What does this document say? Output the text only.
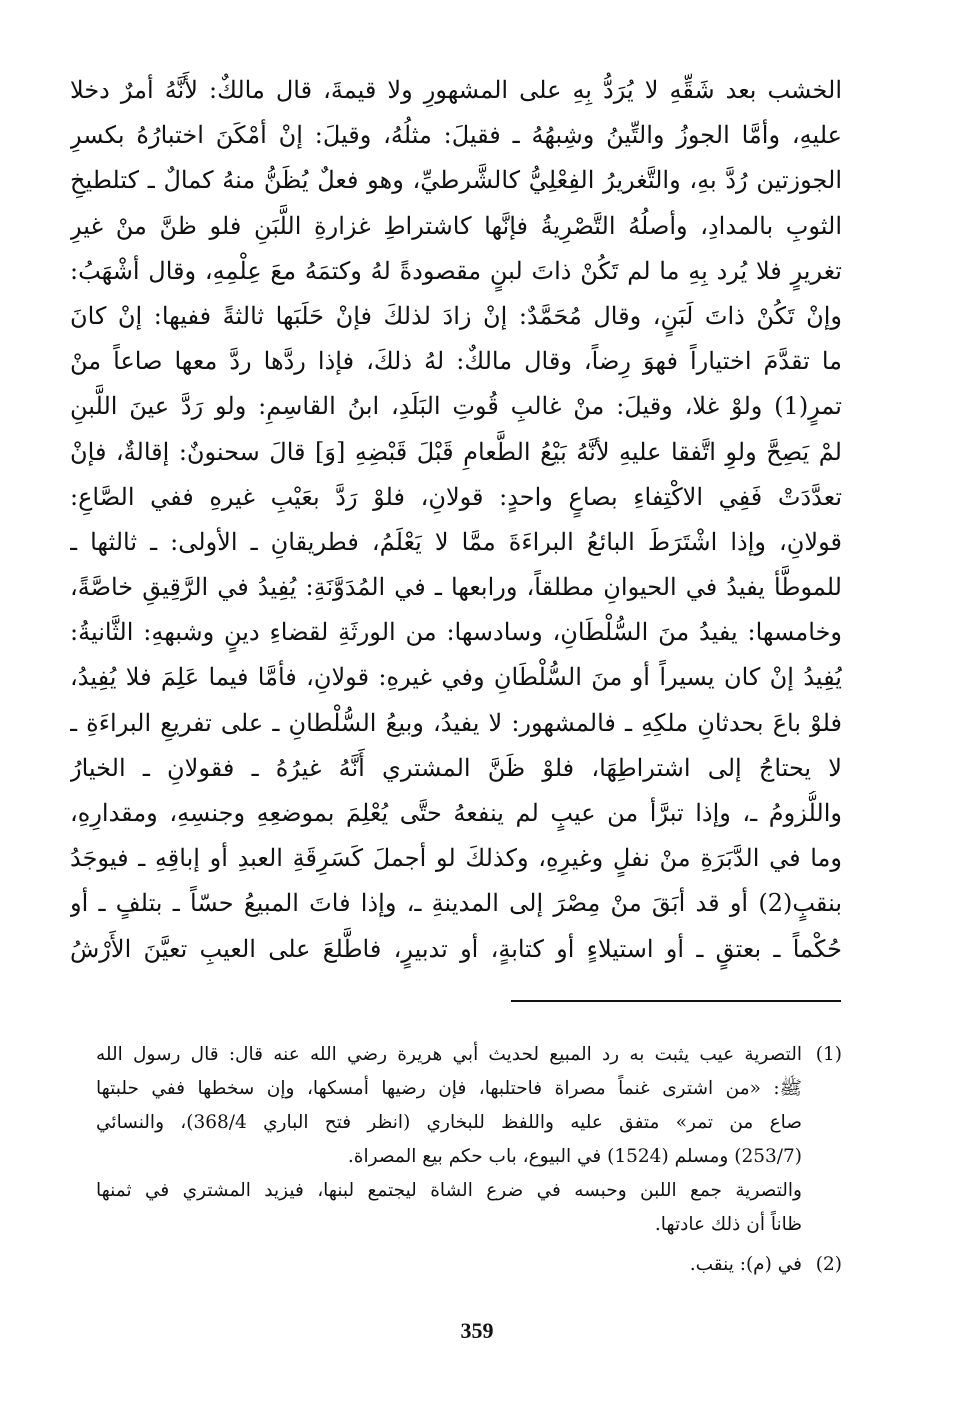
الخشب بعد شَقِّهِ لا يُرَدُّ بِهِ على المشهورِ ولا قيمةَ، قال مالكٌ: لأَنَّهُ أمرٌ دخلا
عليهِ، وأمَّا الجوزُ والتِّينُ وشِبهُهُ ـ فقيلَ: مثلُهُ، وقيلَ: إنْ أمْكَنَ اختبارُهُ بكسرِ
الجوزتين رُدَّ بهِ، والتَّغريرُ الفِعْلِيُّ كالشَّرطيِّ، وهو فعلٌ يُظَنُّ منهُ كمالٌ ـ كتلطيخِ
الثوبِ بالمدادِ، وأصلُهُ التَّصْرِيةُ فإنَّها كاشتراطِ غزارةِ اللَّبَنِ فلو ظنَّ منْ غيرِ
تغريرٍ فلا يُرد بِهِ ما لم تَكُنْ ذاتَ لبنٍ مقصودةً لهُ وكتمَهُ معَ عِلْمِهِ، وقال أشْهَبُ:
وإنْ تَكُنْ ذاتَ لَبَنٍ، وقال مُحَمَّدٌ: إنْ زادَ لذلكَ فإنْ حَلَبَها ثالثةً ففيها: إنْ كانَ
ما تقدَّمَ اختياراً فهوَ رِضاً، وقال مالكٌ: لهُ ذلكَ، فإذا ردَّها ردَّ معها صاعاً منْ
تمرٍ(1) ولوْ غلا، وقيلَ: منْ غالبِ قُوتِ البَلَدِ، ابنُ القاسِمِ: ولو رَدَّ عينَ اللَّبنِ
لمْ يَصِحَّ ولوِ اتَّفقا عليهِ لأنَّهُ بَيْعُ الطَّعامِ قَبْلَ قَبْضِهِ [وَ] قالَ سحنونٌ: إقالةٌ، فإنْ
تعدَّدَتْ فَفِي الاكْتِفاءِ بصاعٍ واحدٍ: قولانِ، فلوْ رَدَّ بعَيْبِ غيرهِ ففي الصَّاعِ:
قولانِ، وإذا اشْتَرَطَ البائعُ البراءَةَ ممَّا لا يَعْلَمُ، فطريقانِ ـ الأولى: ـ ثالثها ـ
للموطَّأ يفيدُ في الحيوانِ مطلقاً، ورابعها ـ في المُدَوَّنَةِ: يُفِيدُ في الرَّقِيقِ خاصَّةً،
وخامسها: يفيدُ منَ السُّلْطَانِ، وسادسها: من الورثَةِ لقضاءِ دينٍ وشبههِ: الثَّانيةُ:
يُفِيدُ إنْ كان يسيراً أو منَ السُّلْطَانِ وفي غيرهِ: قولانِ، فأمَّا فيما عَلِمَ فلا يُفِيدُ،
فلوْ باعَ بحدثانِ ملكِهِ ـ فالمشهور: لا يفيدُ، وبيعُ السُّلْطانِ ـ على تفريعِ البراءَةِ ـ
لا يحتاجُ إلى اشتراطِهَا، فلوْ ظَنَّ المشتري أَنَّهُ غيرُهُ ـ فقولانِ ـ الخيارُ
واللُّزومُ ـ، وإذا تبرَّأ من عيبٍ لم ينفعهُ حتَّى يُعْلِمَ بموضعِهِ وجنسِهِ، ومقدارِهِ،
وما في الدَّبَرَةِ منْ نفلٍ وغيرِهِ، وكذلكَ لو أجملَ كَسَرِقَةِ العبدِ أو إباقِهِ ـ فيوجَدُ
بنقبٍ(2) أو قد أبَقَ منْ مِصْرَ إلى المدينةِ ـ، وإذا فاتَ المبيعُ حسّاً ـ بتلفٍ ـ أو
حُكْماً ـ بعتقٍ ـ أو استيلاءٍ أو كتابةٍ، أو تدبيرٍ، فاطَّلعَ على العيبِ تعيَّنَ الأَرْشُ
(1)
التصرية عيب يثبت به رد المبيع لحديث أبي هريرة رضي الله عنه قال: قال رسول الله
ﷺ: «من اشترى غنماً مصراة فاحتلبها، فإن رضيها أمسكها، وإن سخطها ففي حلبتها
صاع من تمر» متفق عليه واللفظ للبخاري (انظر فتح الباري 368/4)، والنسائي
(253/7) ومسلم (1524) في البيوع، باب حكم بيع المصراة.
والتصرية جمع اللبن وحبسه في ضرع الشاة ليجتمع لبنها، فيزيد المشتري في ثمنها
ظاناً أن ذلك عادتها.
(2)
في (م): ينقب.
359
